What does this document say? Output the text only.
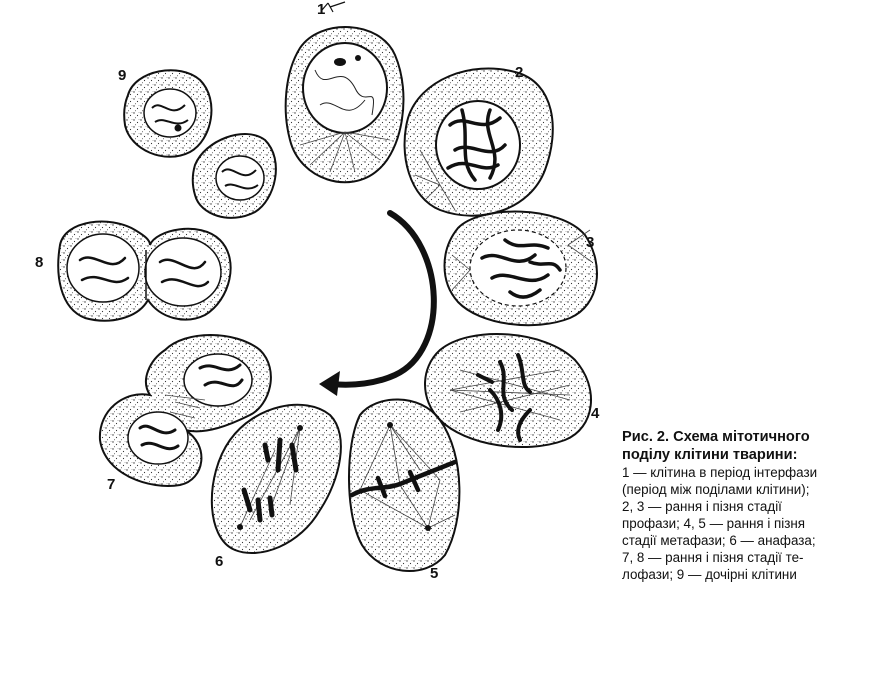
1
2
3
4
5
6
7
8
9

Рис. 2. Схема мітотичного

поділу клітини тварини:

1 — клітина в період інтерфази

(період між поділами клітини);

2, 3 — рання і пізня стадії

профази; 4, 5 — рання і пізня

стадії метафази; 6 — анафаза;

7, 8 — рання і пізня стадії те-

лофази; 9 — дочірні клітини
